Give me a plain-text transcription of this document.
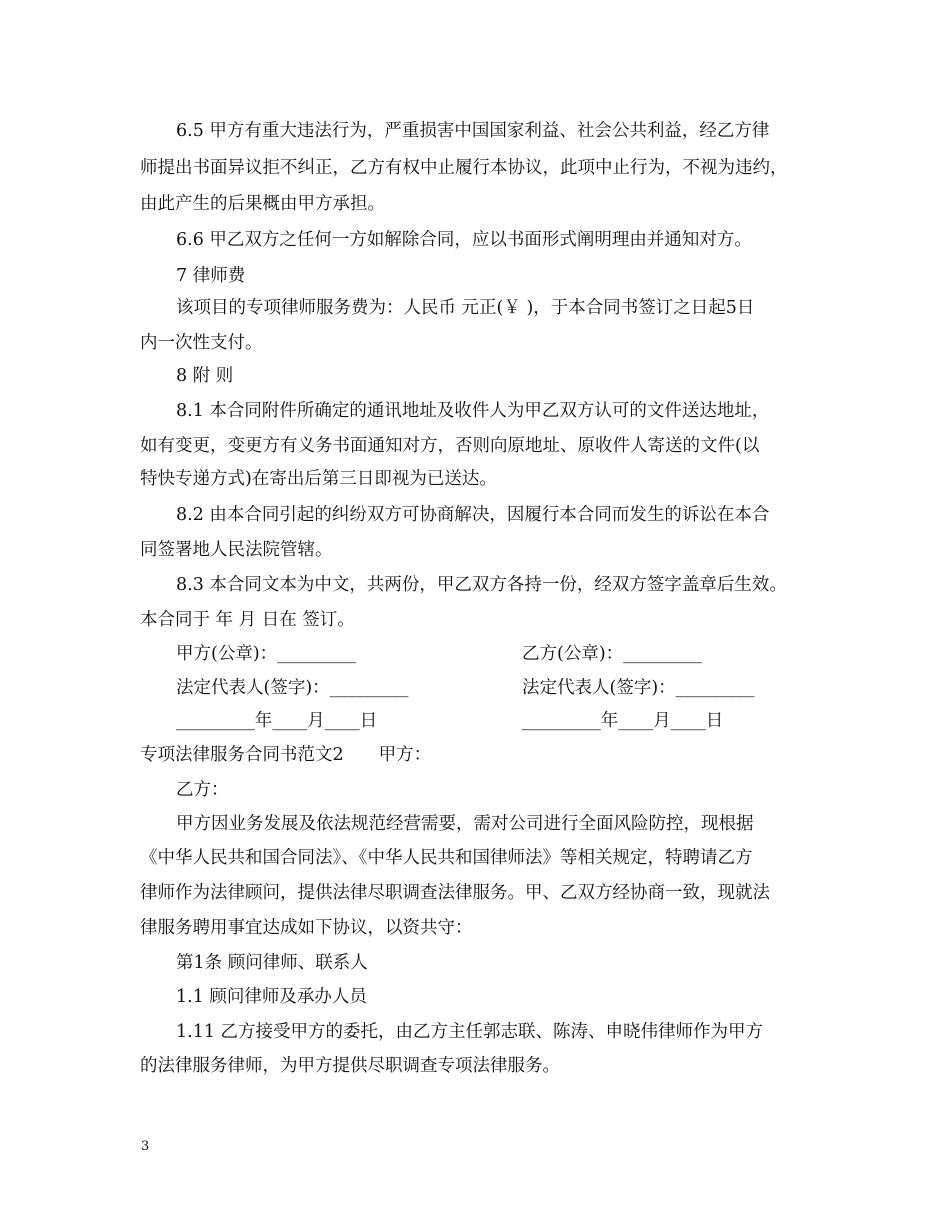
6.5 甲方有重大违法行为，严重损害中国国家利益、社会公共利益，经乙方律
师提出书面异议拒不纠正，乙方有权中止履行本协议，此项中止行为，不视为违约，
由此产生的后果概由甲方承担。
6.6 甲乙双方之任何一方如解除合同，应以书面形式阐明理由并通知对方。
7 律师费
该项目的专项律师服务费为：人民币 元正(￥ )，于本合同书签订之日起5日
内一次性支付。
8 附 则
8.1 本合同附件所确定的通讯地址及收件人为甲乙双方认可的文件送达地址，
如有变更，变更方有义务书面通知对方，否则向原地址、原收件人寄送的文件(以
特快专递方式)在寄出后第三日即视为已送达。
8.2 由本合同引起的纠纷双方可协商解决，因履行本合同而发生的诉讼在本合
同签署地人民法院管辖。
8.3 本合同文本为中文，共两份，甲乙双方各持一份，经双方签字盖章后生效。
本合同于 年 月 日在 签订。
甲方(公章)：_________	乙方(公章)：_________
法定代表人(签字)：_________	法定代表人(签字)：_________
_________年____月____日	_________年____月____日
专项法律服务合同书范文2　　甲方：
乙方：
甲方因业务发展及依法规范经营需要，需对公司进行全面风险防控，现根据
《中华人民共和国合同法》、《中华人民共和国律师法》等相关规定，特聘请乙方
律师作为法律顾问，提供法律尽职调查法律服务。甲、乙双方经协商一致，现就法
律服务聘用事宜达成如下协议，以资共守：
第1条 顾问律师、联系人
1.1 顾问律师及承办人员
1.11 乙方接受甲方的委托，由乙方主任郭志联、陈涛、申晓伟律师作为甲方
的法律服务律师，为甲方提供尽职调查专项法律服务。
3
